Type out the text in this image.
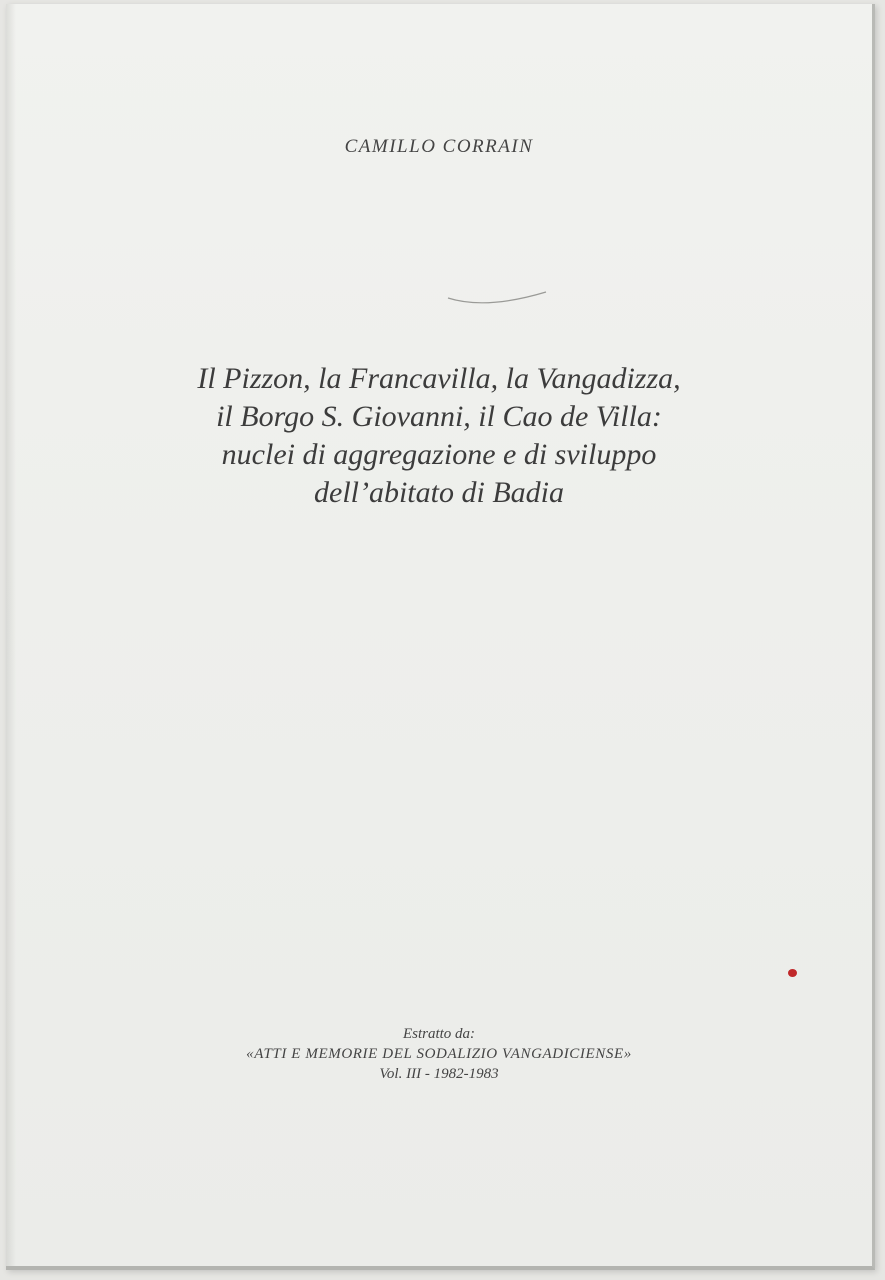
CAMILLO CORRAIN

Il Pizzon, la Francavilla, la Vangadizza,
il Borgo S. Giovanni, il Cao de Villa:
nuclei di aggregazione e di sviluppo
dell’abitato di Badia

Estratto da:
«ATTI E MEMORIE DEL SODALIZIO VANGADICIENSE»
Vol. III - 1982-1983
